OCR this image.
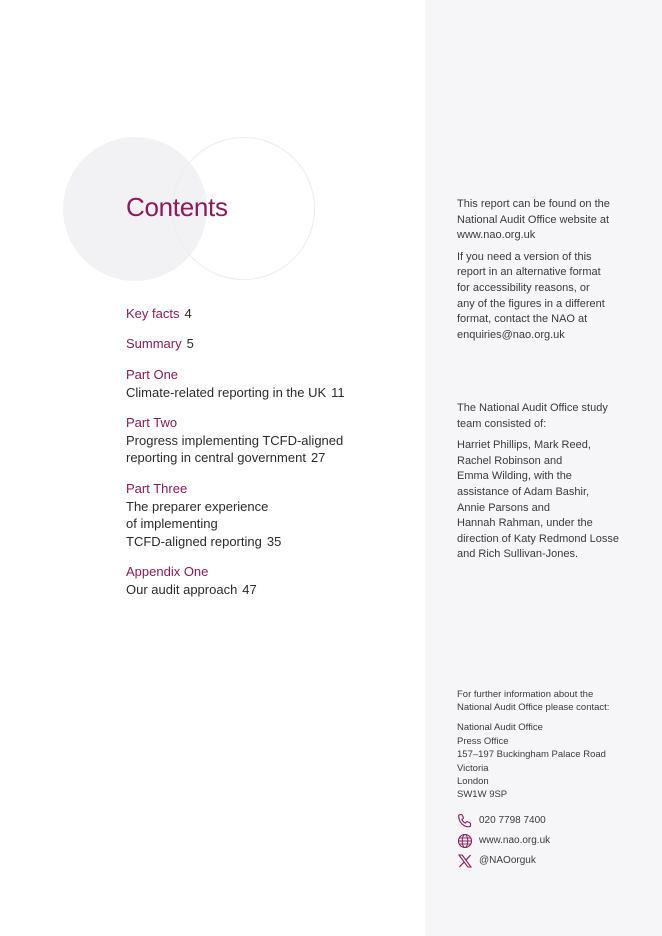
Contents
Key facts 4
Summary 5
Part One
Climate-related reporting in the UK 11
Part Two
Progress implementing TCFD-aligned
reporting in central government 27
Part Three
The preparer experience
of implementing
TCFD-aligned reporting 35
Appendix One
Our audit approach 47

This report can be found on the
National Audit Office website at
www.nao.org.uk

If you need a version of this
report in an alternative format
for accessibility reasons, or
any of the figures in a different
format, contact the NAO at
enquiries@nao.org.uk

The National Audit Office study
team consisted of:

Harriet Phillips, Mark Reed,
Rachel Robinson and
Emma Wilding, with the
assistance of Adam Bashir,
Annie Parsons and
Hannah Rahman, under the
direction of Katy Redmond Losse
and Rich Sullivan-Jones.

For further information about the
National Audit Office please contact:

National Audit Office
Press Office
157–197 Buckingham Palace Road
Victoria
London
SW1W 9SP
020 7798 7400
www.nao.org.uk
@NAOorguk
